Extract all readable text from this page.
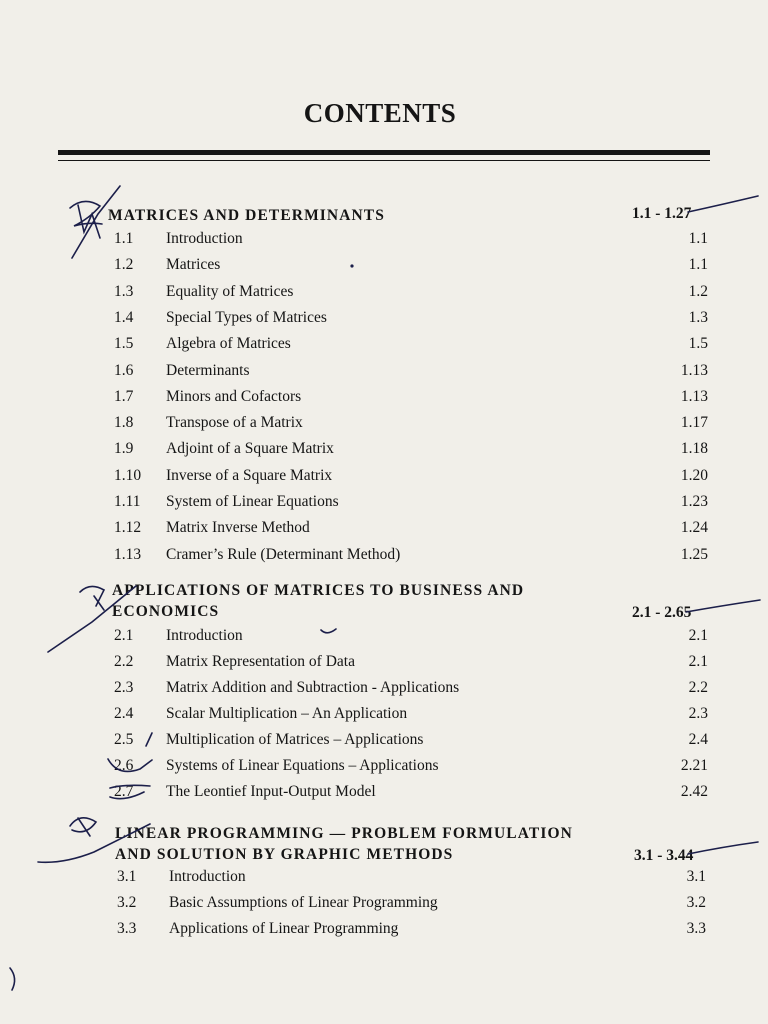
CONTENTS
MATRICES AND DETERMINANTS	1.1 - 1.27
APPLICATIONS OF MATRICES TO BUSINESS AND
ECONOMICS	2.1 - 2.65
LINEAR PROGRAMMING — PROBLEM FORMULATION
AND SOLUTION BY GRAPHIC METHODS	3.1 - 3.44
1.1 Introduction	1.1
1.2 Matrices	1.1
1.3 Equality of Matrices	1.2
1.4 Special Types of Matrices	1.3
1.5 Algebra of Matrices	1.5
1.6 Determinants	1.13
1.7 Minors and Cofactors	1.13
1.8 Transpose of a Matrix	1.17
1.9 Adjoint of a Square Matrix	1.18
1.10 Inverse of a Square Matrix	1.20
1.11 System of Linear Equations	1.23
1.12 Matrix Inverse Method	1.24
1.13 Cramer’s Rule (Determinant Method)	1.25
2.1 Introduction	2.1
2.2 Matrix Representation of Data	2.1
2.3 Matrix Addition and Subtraction - Applications	2.2
2.4 Scalar Multiplication – An Application	2.3
2.5 Multiplication of Matrices – Applications	2.4
2.6 Systems of Linear Equations – Applications	2.21
2.7 The Leontief Input-Output Model	2.42
3.1 Introduction	3.1
3.2 Basic Assumptions of Linear Programming	3.2
3.3 Applications of Linear Programming	3.3
